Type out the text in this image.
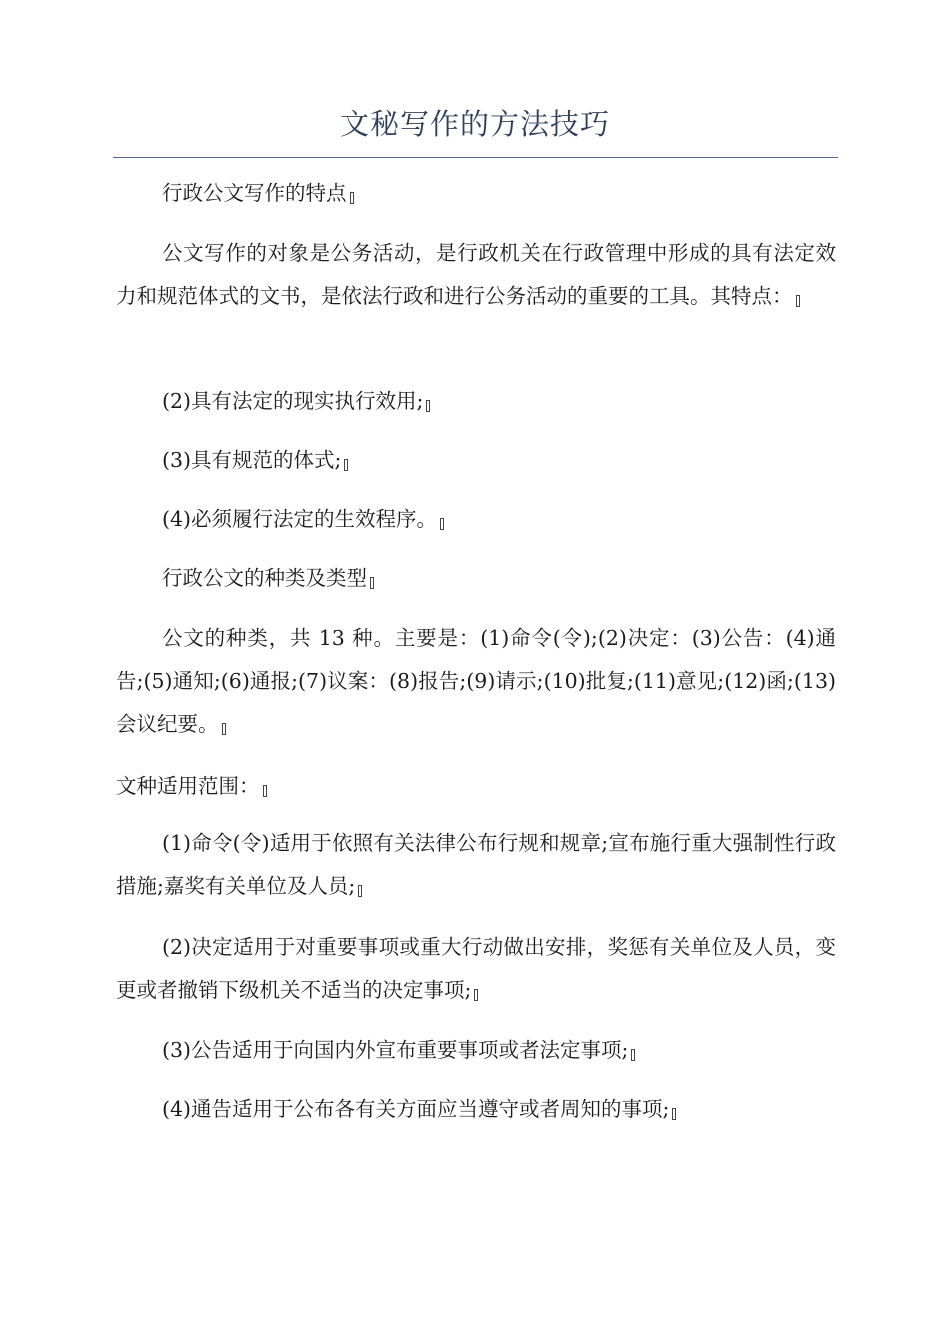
文秘写作的方法技巧

行政公文写作的特点

公文写作的对象是公务活动，是行政机关在行政管理中形成的具有法定效力和规范体式的文书，是依法行政和进行公务活动的重要的工具。其特点：

(2)具有法定的现实执行效用;

(3)具有规范的体式;

(4)必须履行法定的生效程序。

行政公文的种类及类型

公文的种类，共 13 种。主要是：(1)命令(令);(2)决定：(3)公告：(4)通告;(5)通知;(6)通报;(7)议案：(8)报告;(9)请示;(10)批复;(11)意见;(12)函;(13)会议纪要。

文种适用范围：

(1)命令(令)适用于依照有关法律公布行规和规章;宣布施行重大强制性行政措施;嘉奖有关单位及人员;

(2)决定适用于对重要事项或重大行动做出安排，奖惩有关单位及人员，变更或者撤销下级机关不适当的决定事项;

(3)公告适用于向国内外宣布重要事项或者法定事项;

(4)通告适用于公布各有关方面应当遵守或者周知的事项;
